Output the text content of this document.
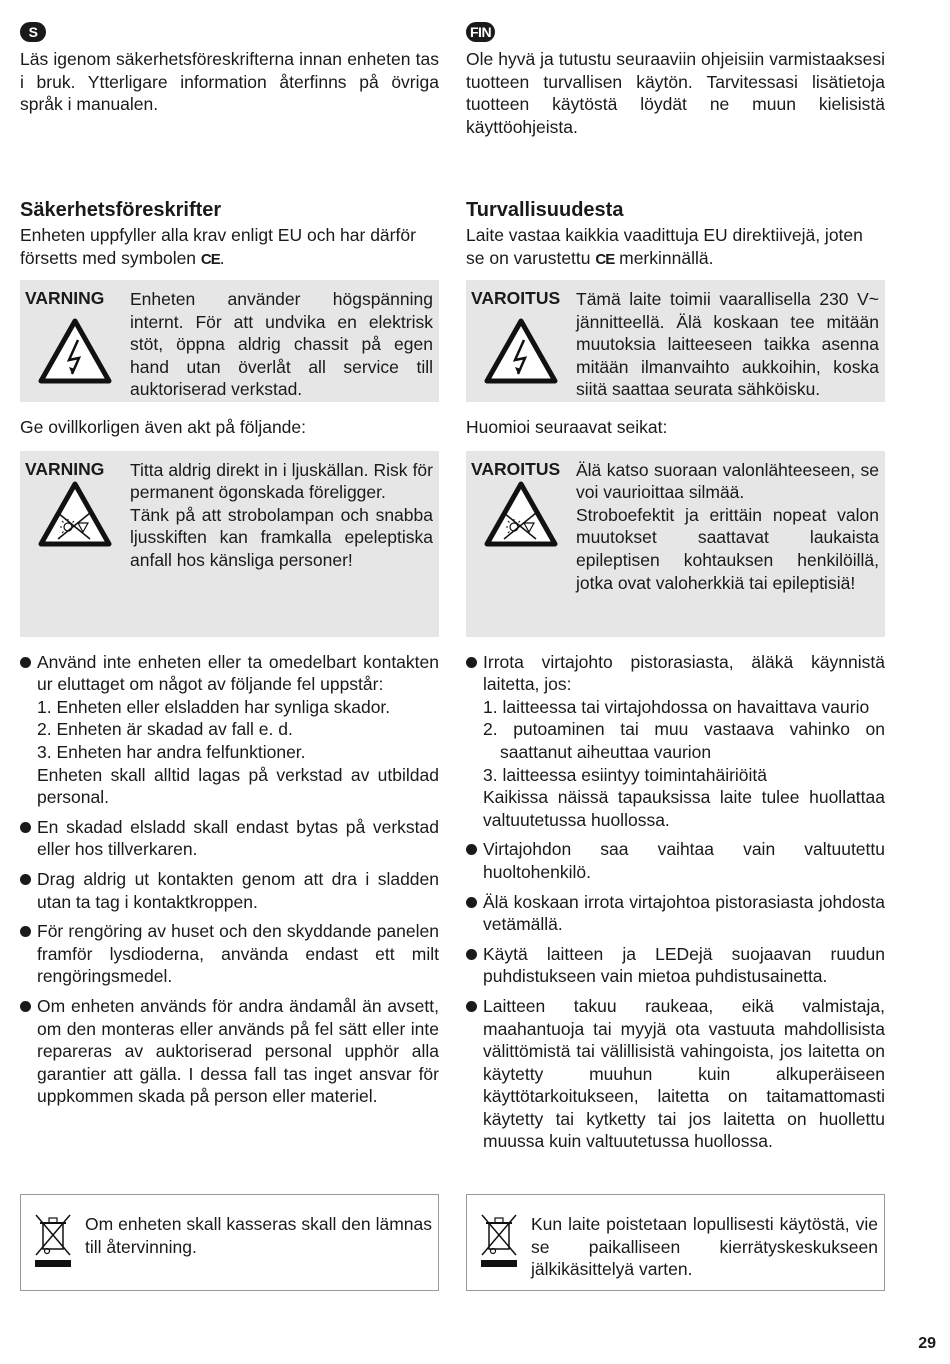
S

Läs igenom säkerhetsföreskrifterna innan enheten tas i bruk. Ytterligare information återfinns på övriga språk i manualen.

Säkerhetsföreskrifter

Enheten uppfyller alla krav enligt EU och har därför försetts med symbolen CE.

VARNING Enheten använder högspänning internt. För att undvika en elektrisk stöt, öppna aldrig chassit på egen hand utan överlåt all service till auktoriserad verkstad.
Ge ovillkorligen även akt på följande:
VARNING Titta aldrig direkt in i ljuskällan. Risk för permanent ögonskada föreligger.
Tänk på att strobolampan och snabba ljusskiften kan framkalla epeleptiska anfall hos känsliga personer!
Använd inte enheten eller ta omedelbart kontakten ur eluttaget om något av följande fel uppstår:
1. Enheten eller elsladden har synliga skador.
2. Enheten är skadad av fall e. d.
3. Enheten har andra felfunktioner.
Enheten skall alltid lagas på verkstad av utbildad personal.
En skadad elsladd skall endast bytas på verkstad eller hos tillverkaren.
Drag aldrig ut kontakten genom att dra i sladden utan ta tag i kontaktkroppen.
För rengöring av huset och den skyddande panelen framför lysdioderna, använda endast ett milt rengöringsmedel.
Om enheten används för andra ändamål än avsett, om den monteras eller används på fel sätt eller inte repareras av auktoriserad personal upphör alla garantier att gälla. I dessa fall tas inget ansvar för uppkommen skada på person eller materiel.
Om enheten skall kasseras skall den lämnas till återvinning.
FIN

Ole hyvä ja tutustu seuraaviin ohjeisiin varmistaaksesi tuotteen turvallisen käytön. Tarvitessasi lisätietoja tuotteen käytöstä löydät ne muun kielisistä käyttöohjeista.

Turvallisuudesta

Laite vastaa kaikkia vaadittuja EU direktiivejä, joten se on varustettu CE merkinnällä.

VAROITUS Tämä laite toimii vaarallisella 230 V~ jännitteellä. Älä koskaan tee mitään muutoksia laitteeseen taikka asenna mitään ilmanvaihto aukkoihin, koska siitä saattaa seurata sähköisku.
Huomioi seuraavat seikat:
VAROITUS Älä katso suoraan valonlähteeseen, se voi vaurioittaa silmää.
Stroboefektit ja erittäin nopeat valon muutokset saattavat laukaista epileptisen kohtauksen henkilöillä, jotka ovat valoherkkiä tai epileptisiä!
Irrota virtajohto pistorasiasta, äläkä käynnistä laitetta, jos:
1. laitteessa tai virtajohdossa on havaittava vaurio
2. putoaminen tai muu vastaava vahinko on saattanut aiheuttaa vaurion
3. laitteessa esiintyy toimintahäiriöitä
Kaikissa näissä tapauksissa laite tulee huollattaa valtuutetussa huollossa.
Virtajohdon saa vaihtaa vain valtuutettu huoltohenkilö.
Älä koskaan irrota virtajohtoa pistorasiasta johdosta vetämällä.
Käytä laitteen ja LEDejä suojaavan ruudun puhdistukseen vain mietoa puhdistusainetta.
Laitteen takuu raukeaa, eikä valmistaja, maahantuoja tai myyjä ota vastuuta mahdollisista välittömistä tai välillisistä vahingoista, jos laitetta on käytetty muuhun kuin alkuperäiseen käyttötarkoitukseen, laitetta on taitamattomasti käytetty tai kytketty tai jos laitetta on huollettu muussa kuin valtuutetussa huollossa.
Kun laite poistetaan lopullisesti käytöstä, vie se paikalliseen kierrätyskeskukseen jälkikäsittelyä varten.
29
